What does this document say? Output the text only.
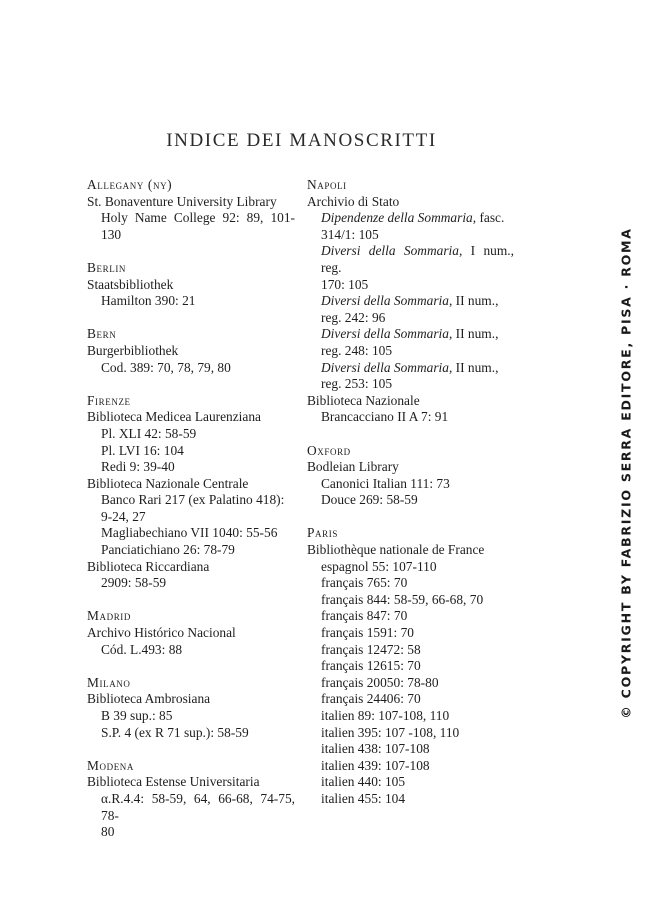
INDICE DEI MANOSCRITTI
Allegany (ny)
St. Bonaventure University Library
Holy Name College 92: 89, 101-130
Berlin
Staatsbibliothek
Hamilton 390: 21
Bern
Burgerbibliothek
Cod. 389: 70, 78, 79, 80
Firenze
Biblioteca Medicea Laurenziana
Pl. XLI 42: 58-59
Pl. LVI 16: 104
Redi 9: 39-40
Biblioteca Nazionale Centrale
Banco Rari 217 (ex Palatino 418):
9-24, 27
Magliabechiano VII 1040: 55-56
Panciatichiano 26: 78-79
Biblioteca Riccardiana
2909: 58-59
Madrid
Archivo Histórico Nacional
Cód. L.493: 88
Milano
Biblioteca Ambrosiana
B 39 sup.: 85
S.P. 4 (ex R 71 sup.): 58-59
Modena
Biblioteca Estense Universitaria
α.R.4.4: 58-59, 64, 66-68, 74-75, 78-
80
Napoli
Archivio di Stato
Dipendenze della Sommaria, fasc.
314/1: 105
Diversi della Sommaria, I num., reg.
170: 105
Diversi della Sommaria, II num.,
reg. 242: 96
Diversi della Sommaria, II num.,
reg. 248: 105
Diversi della Sommaria, II num.,
reg. 253: 105
Biblioteca Nazionale
Brancacciano II A 7: 91
Oxford
Bodleian Library
Canonici Italian 111: 73
Douce 269: 58-59
Paris
Bibliothèque nationale de France
espagnol 55: 107-110
français 765: 70
français 844: 58-59, 66-68, 70
français 847: 70
français 1591: 70
français 12472: 58
français 12615: 70
français 20050: 78-80
français 24406: 70
italien 89: 107-108, 110
italien 395: 107 -108, 110
italien 438: 107-108
italien 439: 107-108
italien 440: 105
italien 455: 104
© COPYRIGHT BY FABRIZIO SERRA EDITORE, PISA · ROMA
